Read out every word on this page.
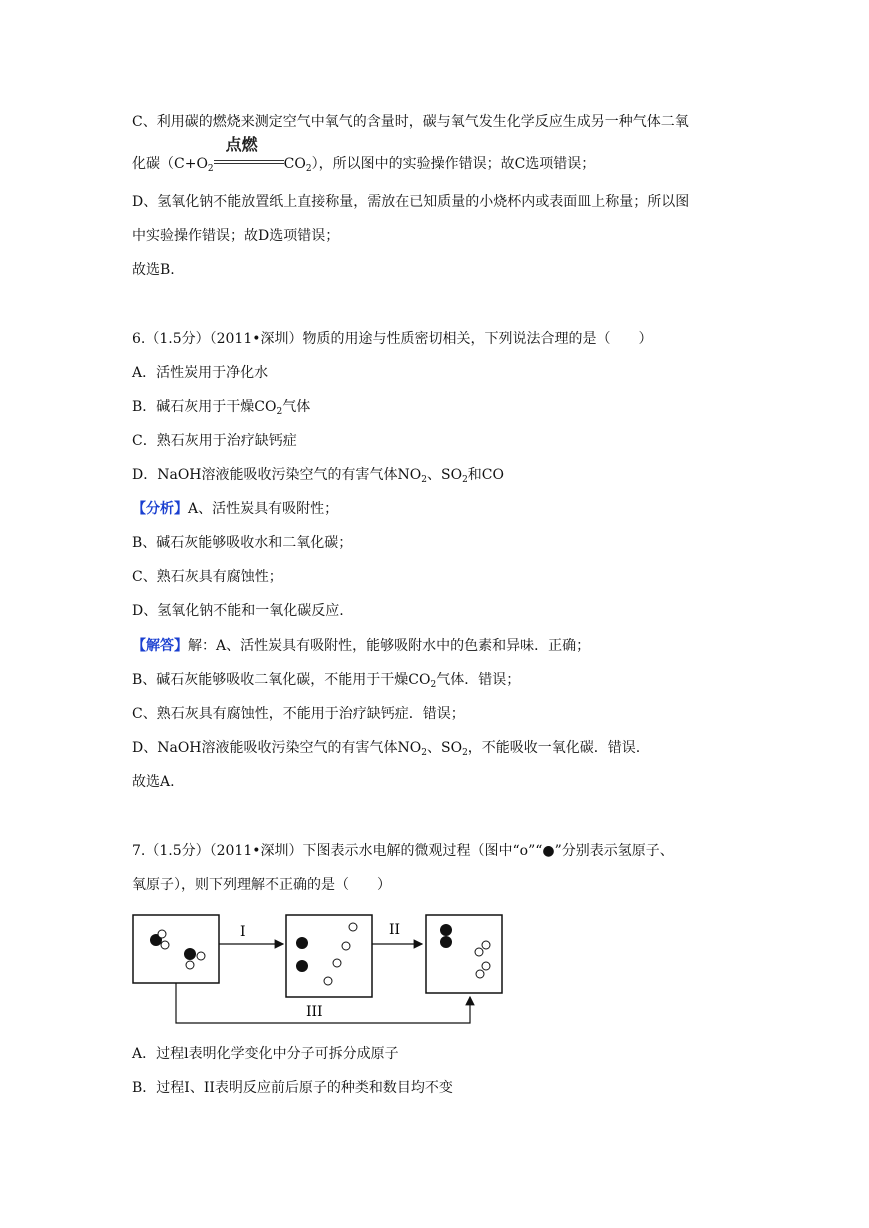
C、利用碳的燃烧来测定空气中氧气的含量时，碳与氧气发生化学反应生成另一种气体二氧
化碳（$C+O_2$
点燃
$CO_2$），所以图中的实验操作错误；故C选项错误；
D、氢氧化钠不能放置纸上直接称量，需放在已知质量的小烧杯内或表面皿上称量；所以图
中实验操作错误；故D选项错误；
故选B.
6.（1.5分）（2011•深圳）物质的用途与性质密切相关，下列说法合理的是（　　）
A．活性炭用于净化水
B．碱石灰用于干燥$CO_2$气体
C．熟石灰用于治疗缺钙症
D．NaOH溶液能吸收污染空气的有害气体$NO_2$、$SO_2$和CO
【分析】A、活性炭具有吸附性；
B、碱石灰能够吸收水和二氧化碳；
C、熟石灰具有腐蚀性；
D、氢氧化钠不能和一氧化碳反应.
【解答】解：A、活性炭具有吸附性，能够吸附水中的色素和异味．正确；
B、碱石灰能够吸收二氧化碳，不能用于干燥$CO_2$气体．错误；
C、熟石灰具有腐蚀性，不能用于治疗缺钙症．错误；
D、NaOH溶液能吸收污染空气的有害气体$NO_2$、$SO_2$，不能吸收一氧化碳．错误.
故选A.
7.（1.5分）（2011•深圳）下图表示水电解的微观过程（图中“o”“●”分别表示氢原子、
氧原子），则下列理解不正确的是（　　）
I	II
III
A．过程l表明化学变化中分子可拆分成原子
B．过程I、II表明反应前后原子的种类和数目均不变
